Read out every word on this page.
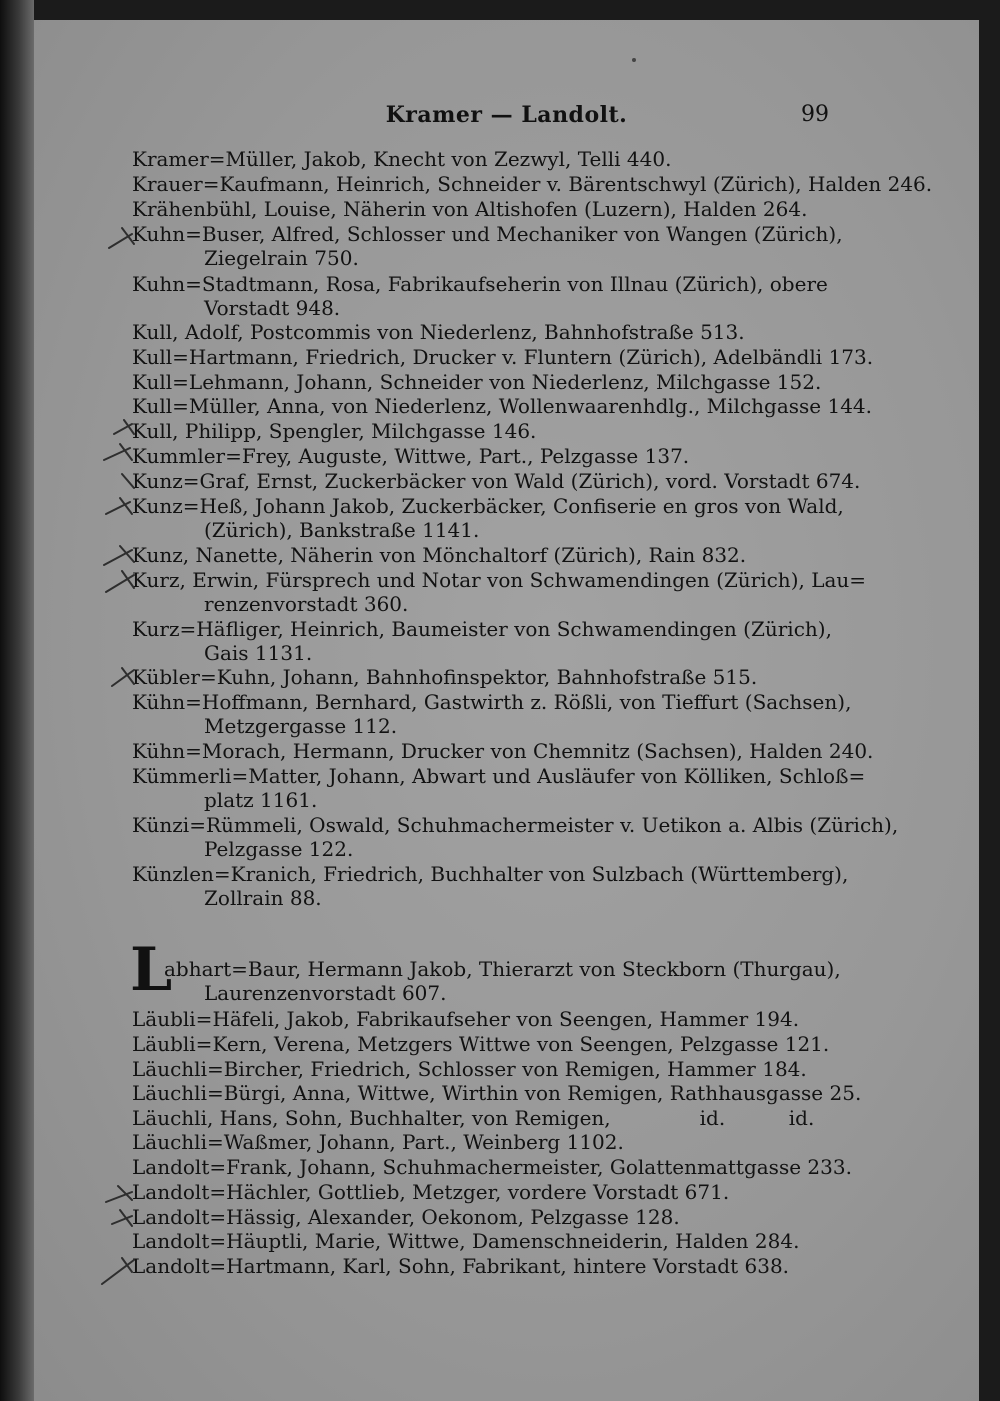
Kramer — Landolt.	99
Kramer=Müller, Jakob, Knecht von Zezwyl, Telli 440.
Krauer=Kaufmann, Heinrich, Schneider v. Bärentschwyl (Zürich), Halden 246.
Krähenbühl, Louise, Näherin von Altishofen (Luzern), Halden 264.
Kuhn=Buser, Alfred, Schlosser und Mechaniker von Wangen (Zürich),
Ziegelrain 750.
Kuhn=Stadtmann, Rosa, Fabrikaufseherin von Illnau (Zürich), obere
Vorstadt 948.
Kull, Adolf, Postcommis von Niederlenz, Bahnhofstraße 513.
Kull=Hartmann, Friedrich, Drucker v. Fluntern (Zürich), Adelbändli 173.
Kull=Lehmann, Johann, Schneider von Niederlenz, Milchgasse 152.
Kull=Müller, Anna, von Niederlenz, Wollenwaarenhdlg., Milchgasse 144.
Kull, Philipp, Spengler, Milchgasse 146.
Kummler=Frey, Auguste, Wittwe, Part., Pelzgasse 137.
Kunz=Graf, Ernst, Zuckerbäcker von Wald (Zürich), vord. Vorstadt 674.
Kunz=Heß, Johann Jakob, Zuckerbäcker, Confiserie en gros von Wald,
(Zürich), Bankstraße 1141.
Kunz, Nanette, Näherin von Mönchaltorf (Zürich), Rain 832.
Kurz, Erwin, Fürsprech und Notar von Schwamendingen (Zürich), Lau=
renzenvorstadt 360.
Kurz=Häfliger, Heinrich, Baumeister von Schwamendingen (Zürich),
Gais 1131.
Kübler=Kuhn, Johann, Bahnhofinspektor, Bahnhofstraße 515.
Kühn=Hoffmann, Bernhard, Gastwirth z. Rößli, von Tieffurt (Sachsen),
Metzgergasse 112.
Kühn=Morach, Hermann, Drucker von Chemnitz (Sachsen), Halden 240.
Kümmerli=Matter, Johann, Abwart und Ausläufer von Kölliken, Schloß=
platz 1161.
Künzi=Rümmeli, Oswald, Schuhmachermeister v. Uetikon a. Albis (Zürich),
Pelzgasse 122.
Künzlen=Kranich, Friedrich, Buchhalter von Sulzbach (Württemberg),
Zollrain 88.
L
abhart=Baur, Hermann Jakob, Thierarzt von Steckborn (Thurgau),
Laurenzenvorstadt 607.
Läubli=Häfeli, Jakob, Fabrikaufseher von Seengen, Hammer 194.
Läubli=Kern, Verena, Metzgers Wittwe von Seengen, Pelzgasse 121.
Läuchli=Bircher, Friedrich, Schlosser von Remigen, Hammer 184.
Läuchli=Bürgi, Anna, Wittwe, Wirthin von Remigen, Rathhausgasse 25.
Läuchli, Hans, Sohn, Buchhalter, von Remigen,              id.          id.
Läuchli=Waßmer, Johann, Part., Weinberg 1102.
Landolt=Frank, Johann, Schuhmachermeister, Golattenmattgasse 233.
Landolt=Hächler, Gottlieb, Metzger, vordere Vorstadt 671.
Landolt=Hässig, Alexander, Oekonom, Pelzgasse 128.
Landolt=Häuptli, Marie, Wittwe, Damenschneiderin, Halden 284.
Landolt=Hartmann, Karl, Sohn, Fabrikant, hintere Vorstadt 638.
